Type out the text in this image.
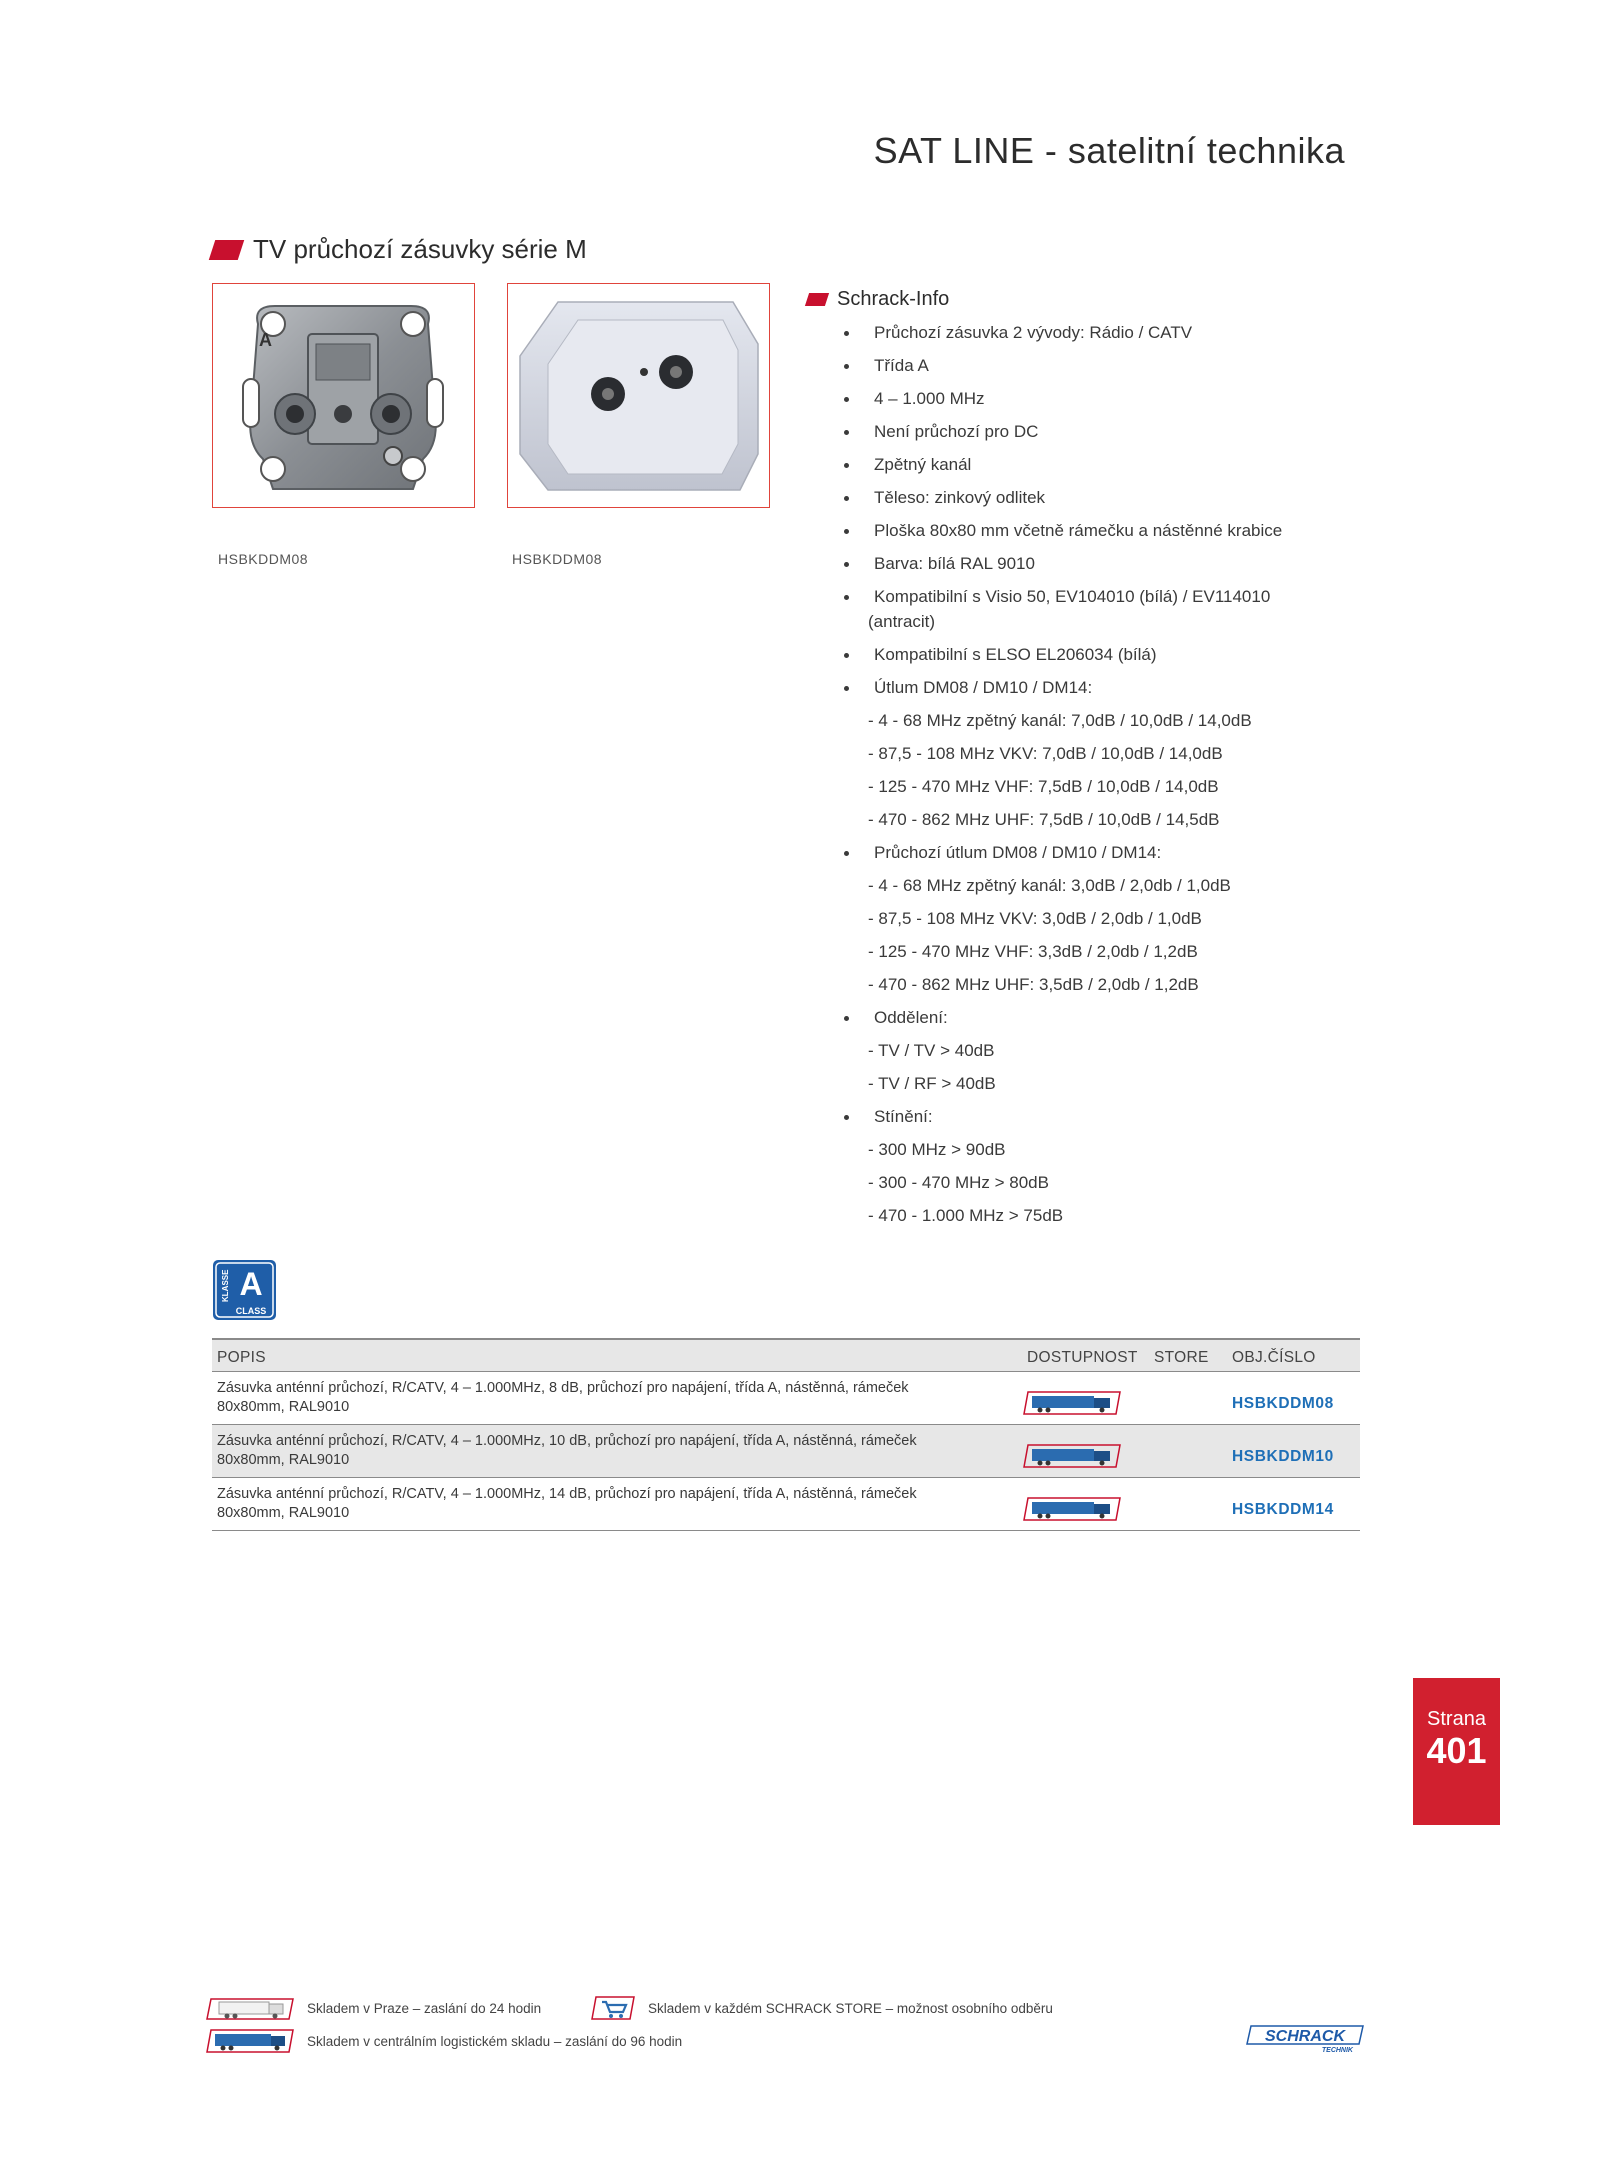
SAT LINE - satelitní technika
TV průchozí zásuvky série M
A
HSBKDDM08	HSBKDDM08
Schrack-Info
Průchozí zásuvka 2 vývody: Rádio / CATV
Třída A
4 – 1.000 MHz
Není průchozí pro DC
Zpětný kanál
Těleso: zinkový odlitek
Ploška 80x80 mm včetně rámečku a nástěnné krabice
Barva: bílá RAL 9010
Kompatibilní s Visio 50, EV104010 (bílá) / EV114010
(antracit)
Kompatibilní s ELSO EL206034 (bílá)
Útlum DM08 / DM10 / DM14:
- 4 - 68 MHz zpětný kanál: 7,0dB / 10,0dB / 14,0dB
- 87,5 - 108 MHz VKV: 7,0dB / 10,0dB / 14,0dB
- 125 - 470 MHz VHF: 7,5dB / 10,0dB / 14,0dB
- 470 - 862 MHz UHF: 7,5dB / 10,0dB / 14,5dB
Průchozí útlum DM08 / DM10 / DM14:
- 4 - 68 MHz zpětný kanál: 3,0dB / 2,0db / 1,0dB
- 87,5 - 108 MHz VKV: 3,0dB / 2,0db / 1,0dB
- 125 - 470 MHz VHF: 3,3dB / 2,0db / 1,2dB
- 470 - 862 MHz UHF: 3,5dB / 2,0db / 1,2dB
Oddělení:
- TV / TV > 40dB
- TV / RF > 40dB
Stínění:
- 300 MHz > 90dB
- 300 - 470 MHz > 80dB
- 470 - 1.000 MHz > 75dB
A
KLASSE
CLASS
POPIS	DOSTUPNOST STORE OBJ.ČÍSLO
Zásuvka anténní průchozí, R/CATV, 4 – 1.000MHz, 8 dB, průchozí pro napájení, třída A, nástěnná, rámeček 80x80mm, RAL9010	HSBKDDM08
Zásuvka anténní průchozí, R/CATV, 4 – 1.000MHz, 10 dB, průchozí pro napájení, třída A, nástěnná, rámeček 80x80mm, RAL9010	HSBKDDM10
Zásuvka anténní průchozí, R/CATV, 4 – 1.000MHz, 14 dB, průchozí pro napájení, třída A, nástěnná, rámeček 80x80mm, RAL9010	HSBKDDM14
Strana
401
Skladem v Praze – zaslání do 24 hodin	Skladem v každém SCHRACK STORE – možnost osobního odběru
Skladem v centrálním logistickém skladu – zaslání do 96 hodin	SCHRACK
TECHNIK
